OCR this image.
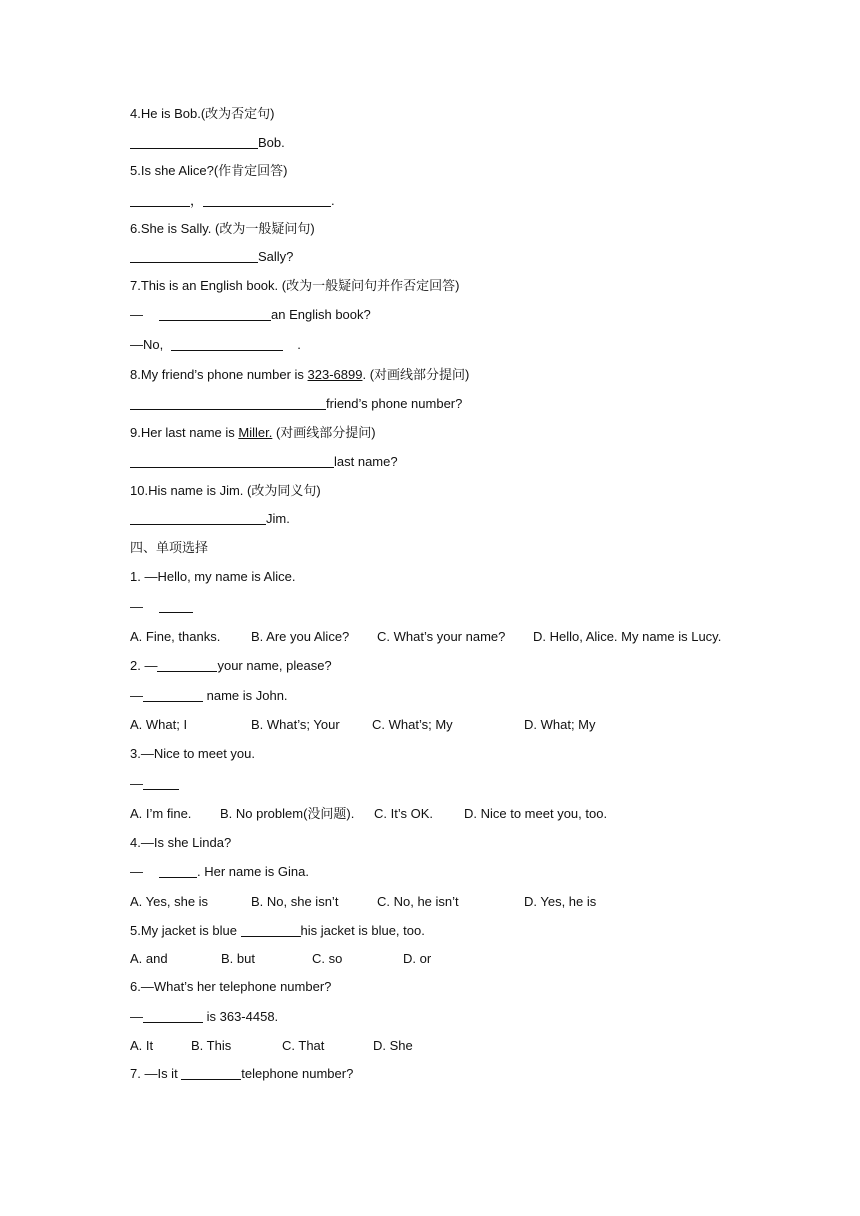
4.He is Bob.(改为否定句)
Bob.
5.Is she Alice?(作肯定回答)
，	.
6.She is Sally. (改为一般疑问句)
Sally?
7.This is an English book. (改为一般疑问句并作否定回答)
—	an English book?
—No,	.
8.My friend’s phone number is 323-6899. (对画线部分提问)
friend’s phone number?
9.Her last name is Miller. (对画线部分提问)
last name?
10.His name is Jim. (改为同义句)
Jim.
四、单项选择
1. —Hello, my name is Alice.
—
A. Fine, thanks. B. Are you Alice? C. What’s your name? D. Hello, Alice. My name is Lucy.
2. —	your name, please?
—	name is John.
A. What; I	B. What’s; Your C. What’s; My	D. What; My
3.—Nice to meet you.
—
A. I’m fine. B. No problem(没问题). C. It’s OK. D. Nice to meet you, too.
4.—Is she Linda?
—	. Her name is Gina.
A. Yes, she is	B. No, she isn’t	C. No, he isn’t	D. Yes, he is
5.My jacket is blue	his jacket is blue, too.
A. and	B. but	C. so	D. or
6.—What’s her telephone number?
—	is 363-4458.
A. It	B. This	C. That	D. She
7. —Is it	telephone number?
